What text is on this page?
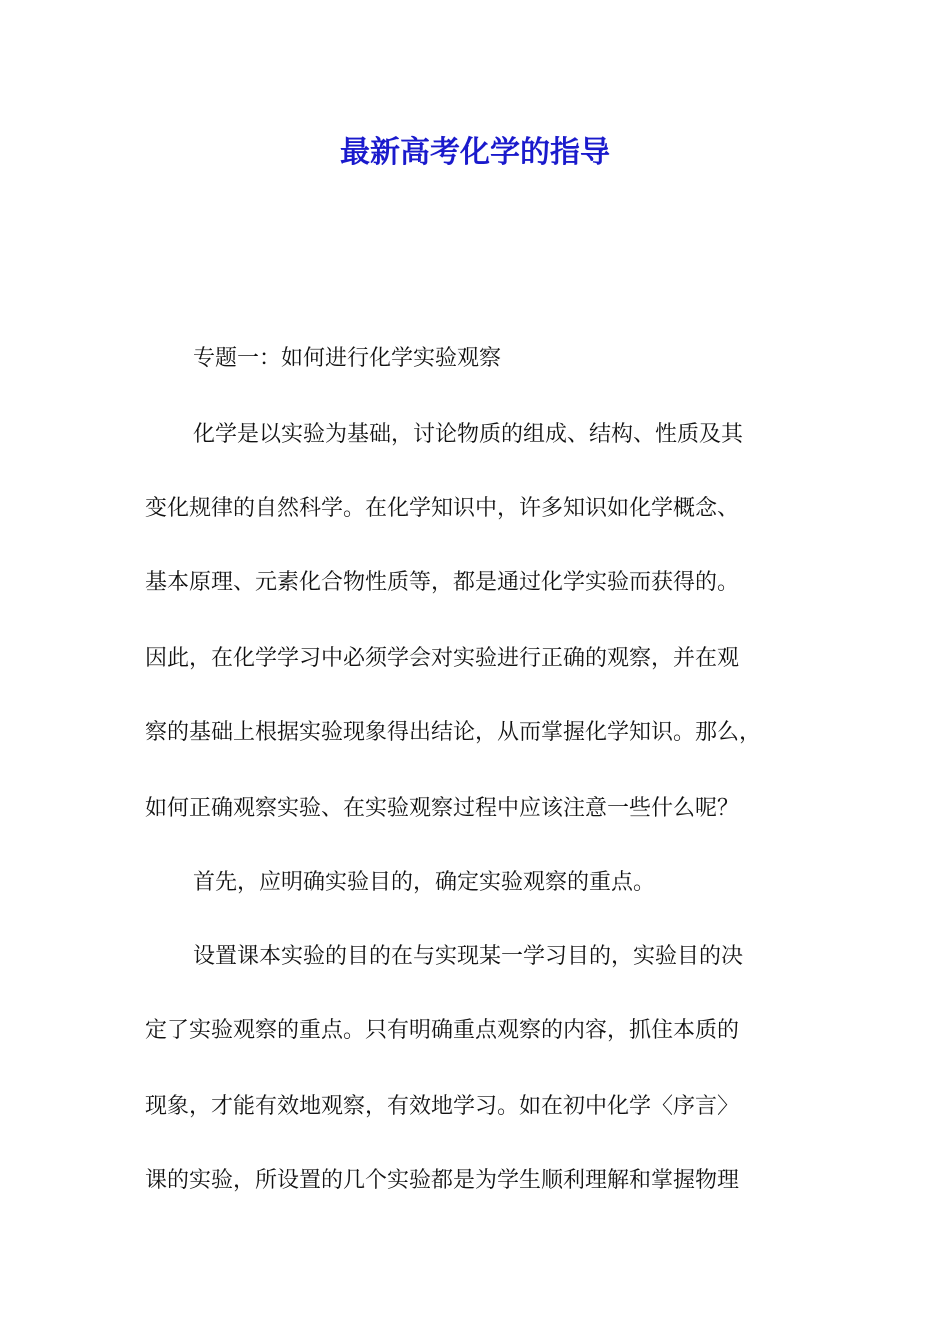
最新高考化学的指导

专题一：如何进行化学实验观察

化学是以实验为基础，讨论物质的组成、结构、性质及其

变化规律的自然科学。在化学知识中，许多知识如化学概念、

基本原理、元素化合物性质等，都是通过化学实验而获得的。

因此，在化学学习中必须学会对实验进行正确的观察，并在观

察的基础上根据实验现象得出结论，从而掌握化学知识。那么，

如何正确观察实验、在实验观察过程中应该注意一些什么呢？

首先，应明确实验目的，确定实验观察的重点。

设置课本实验的目的在与实现某一学习目的，实验目的决

定了实验观察的重点。只有明确重点观察的内容，抓住本质的

现象，才能有效地观察，有效地学习。如在初中化学〈序言〉

课的实验，所设置的几个实验都是为学生顺利理解和掌握物理
